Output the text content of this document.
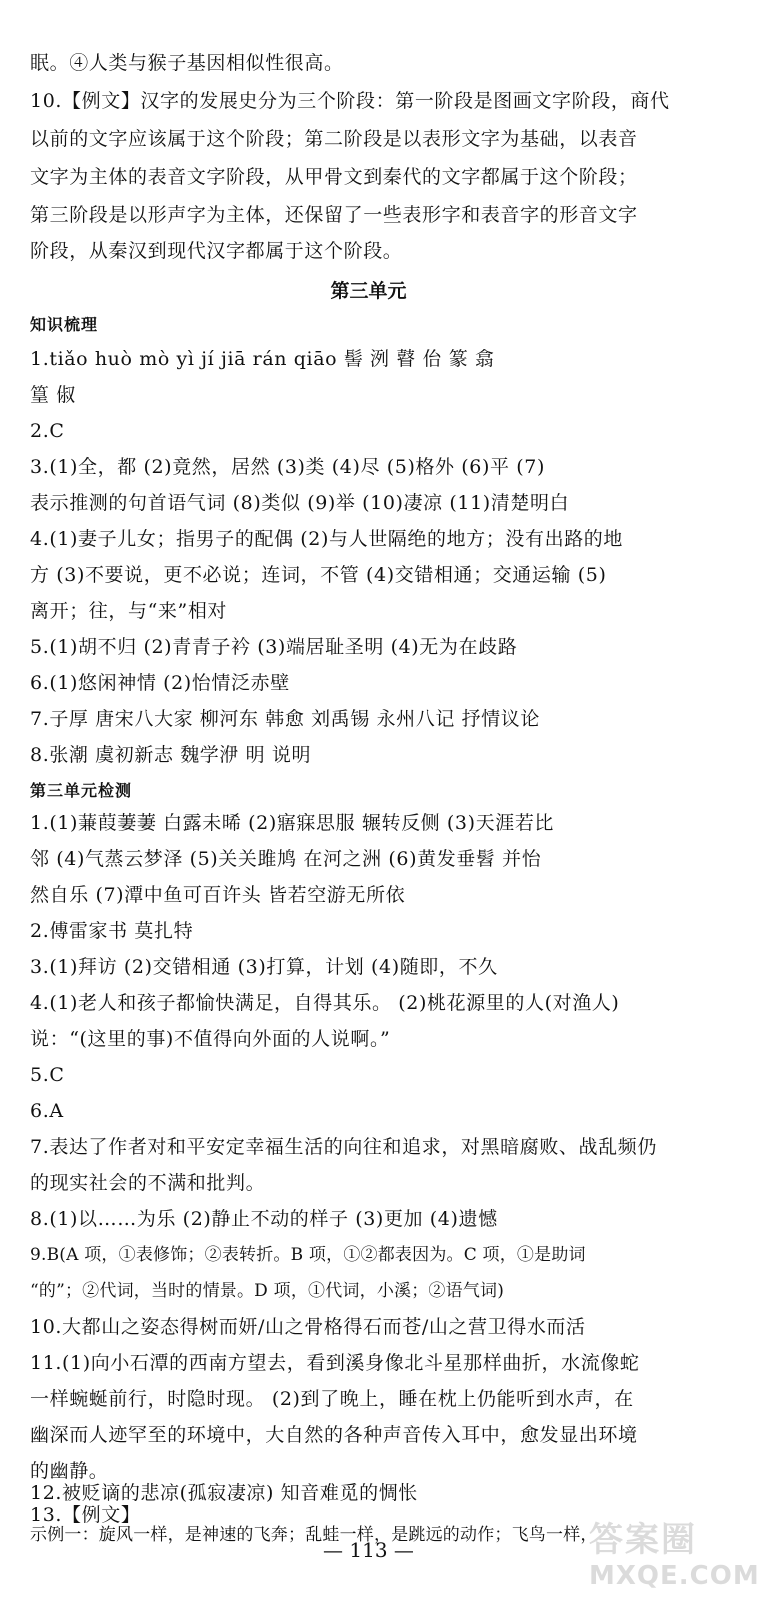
眠。④人类与猴子基因相似性很高。
10.【例文】汉字的发展史分为三个阶段：第一阶段是图画文字阶段，商代
以前的文字应该属于这个阶段；第二阶段是以表形文字为基础，以表音
文字为主体的表音文字阶段，从甲骨文到秦代的文字都属于这个阶段；
第三阶段是以形声字为主体，还保留了一些表形字和表音字的形音文字
阶段，从秦汉到现代汉字都属于这个阶段。
第三单元
知识梳理
1.tiǎo huò mò yì jí jiā rán qiāo 髻 洌 瞽 佁 篆 翕
篁 俶
2.C
3.(1)全，都 (2)竟然，居然 (3)类 (4)尽 (5)格外 (6)平 (7)
表示推测的句首语气词 (8)类似 (9)举 (10)凄凉 (11)清楚明白
4.(1)妻子儿女；指男子的配偶 (2)与人世隔绝的地方；没有出路的地
方 (3)不要说，更不必说；连词，不管 (4)交错相通；交通运输 (5)
离开；往，与“来”相对
5.(1)胡不归 (2)青青子衿 (3)端居耻圣明 (4)无为在歧路
6.(1)悠闲神情 (2)怡情泛赤壁
7.子厚 唐宋八大家 柳河东 韩愈 刘禹锡 永州八记 抒情议论
8.张潮 虞初新志 魏学洢 明 说明
第三单元检测
1.(1)蒹葭萋萋 白露未晞 (2)寤寐思服 辗转反侧 (3)天涯若比
邻 (4)气蒸云梦泽 (5)关关雎鸠 在河之洲 (6)黄发垂髫 并怡
然自乐 (7)潭中鱼可百许头 皆若空游无所依
2.傅雷家书 莫扎特
3.(1)拜访 (2)交错相通 (3)打算，计划 (4)随即，不久
4.(1)老人和孩子都愉快满足，自得其乐。 (2)桃花源里的人(对渔人)
说：“(这里的事)不值得向外面的人说啊。”
5.C
6.A
7.表达了作者对和平安定幸福生活的向往和追求，对黑暗腐败、战乱频仍
的现实社会的不满和批判。
8.(1)以……为乐 (2)静止不动的样子 (3)更加 (4)遗憾
9.B(A 项，①表修饰；②表转折。B 项，①②都表因为。C 项，①是助词
“的”；②代词，当时的情景。D 项，①代词，小溪；②语气词)
10.大都山之姿态得树而妍/山之骨格得石而苍/山之营卫得水而活
11.(1)向小石潭的西南方望去，看到溪身像北斗星那样曲折，水流像蛇
一样蜿蜒前行，时隐时现。 (2)到了晚上，睡在枕上仍能听到水声，在
幽深而人迹罕至的环境中，大自然的各种声音传入耳中，愈发显出环境
的幽静。
12.被贬谪的悲凉(孤寂凄凉) 知音难觅的惆怅
13.【例文】
示例一：旋风一样，是神速的飞奔；乱蛙一样，是跳远的动作；飞鸟一样，
— 113 —	答案圈
MXQE.COM
